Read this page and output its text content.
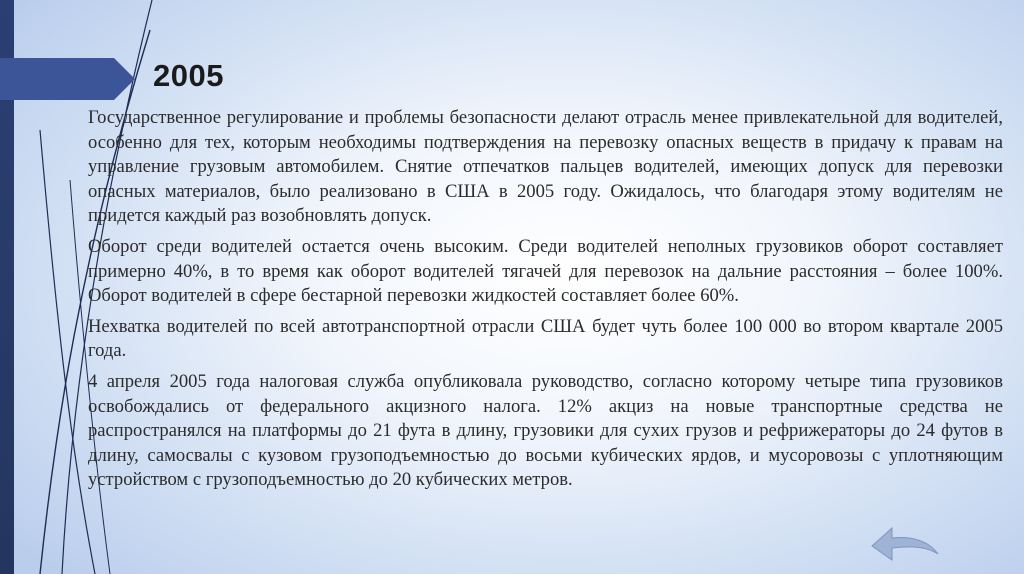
2005

Государственное регулирование и проблемы безопасности делают отрасль менее привлекательной для водителей, особенно для тех, которым необходимы подтверждения на перевозку опасных веществ в придачу к правам на управление грузовым автомобилем. Снятие отпечатков пальцев водителей, имеющих допуск для перевозки опасных материалов, было реализовано в США в 2005 году. Ожидалось, что благодаря этому водителям не придется каждый раз возобновлять допуск.

Оборот среди водителей остается очень высоким. Среди водителей неполных грузовиков оборот составляет примерно 40%, в то время как оборот водителей тягачей для перевозок на дальние расстояния – более 100%. Оборот водителей в сфере бестарной перевозки жидкостей составляет более 60%.

Нехватка водителей по всей автотранспортной отрасли США будет чуть более 100 000 во втором квартале 2005 года.

4 апреля 2005 года налоговая служба опубликовала руководство, согласно которому четыре типа грузовиков освобождались от федерального акцизного налога. 12% акциз на новые транспортные средства не распространялся на платформы до 21 фута в длину, грузовики для сухих грузов и рефрижераторы до 24 футов в длину, самосвалы с кузовом грузоподъемностью до восьми кубических ярдов, и мусоровозы с уплотняющим устройством с грузоподъемностью до 20 кубических метров.
